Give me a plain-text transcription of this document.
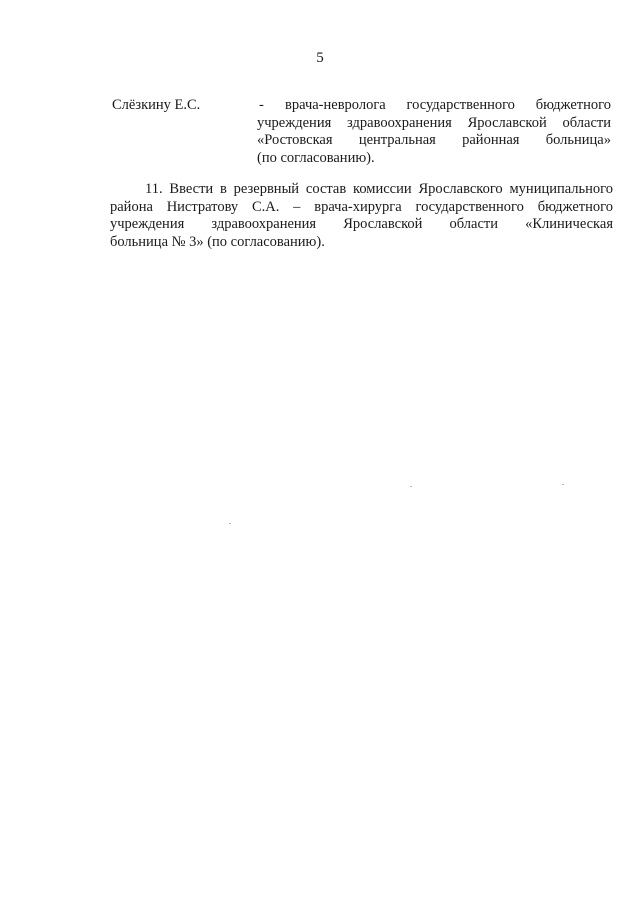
5
Слёзкину Е.С.	-	врача-невролога государственного бюджетного
учреждения здравоохранения Ярославской области
«Ростовская центральная районная больница»
(по согласованию).
11. Ввести в резервный состав комиссии Ярославского муниципального
района Нистратову С.А. – врача-хирурга государственного бюджетного
учреждения здравоохранения Ярославской области «Клиническая
больница № 3» (по согласованию).
